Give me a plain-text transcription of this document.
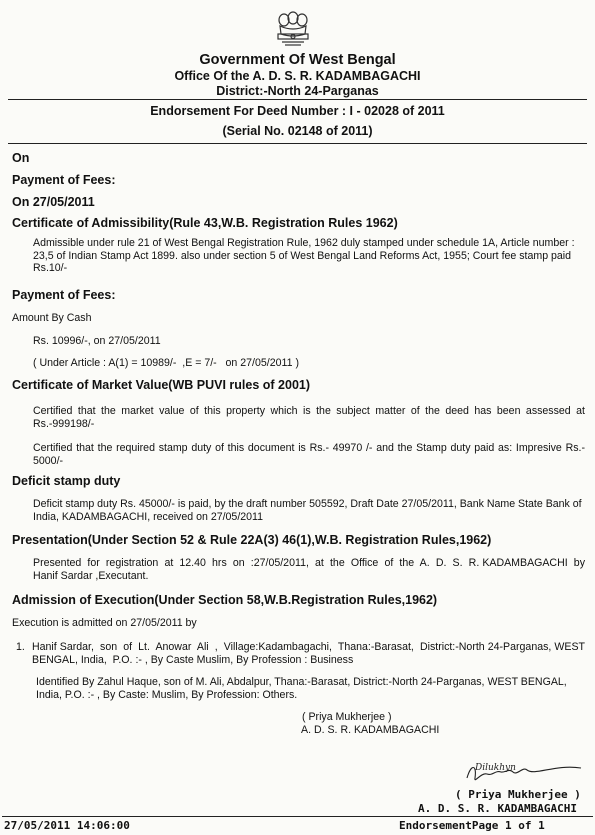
Government Of West Bengal
Office Of the A. D. S. R. KADAMBAGACHI
District:-North 24-Parganas
Endorsement For Deed Number : I - 02028 of 2011
(Serial No. 02148 of 2011)
On
Payment of Fees:
On 27/05/2011
Certificate of Admissibility(Rule 43,W.B. Registration Rules 1962)
Admissible under rule 21 of West Bengal Registration Rule, 1962 duly stamped under schedule 1A, Article number : 23,5 of Indian Stamp Act 1899. also under section 5 of West Bengal Land Reforms Act, 1955; Court fee stamp paid Rs.10/-
Payment of Fees:
Amount By Cash
Rs. 10996/-, on 27/05/2011
( Under Article : A(1) = 10989/-  ,E = 7/-   on 27/05/2011 )
Certificate of Market Value(WB PUVI rules of 2001)
Certified that the market value of this property which is the subject matter of the deed has been assessed at Rs.-999198/-
Certified that the required stamp duty of this document is Rs.- 49970 /- and the Stamp duty paid as: Impresive Rs.- 5000/-
Deficit stamp duty
Deficit stamp duty Rs. 45000/- is paid, by the draft number 505592, Draft Date 27/05/2011, Bank Name State Bank of India, KADAMBAGACHI, received on 27/05/2011
Presentation(Under Section 52 & Rule 22A(3) 46(1),W.B. Registration Rules,1962)
Presented  for  registration  at  12.40  hrs  on  :27/05/2011,  at  the  Office  of  the  A.  D.  S.  R. KADAMBAGACHI  by  Hanif Sardar ,Executant.
Admission of Execution(Under Section 58,W.B.Registration Rules,1962)
Execution is admitted on 27/05/2011 by
1. Hanif Sardar,  son  of  Lt.  Anowar  Ali  ,  Village:Kadambagachi,  Thana:-Barasat,  District:-North 24-Parganas, WEST BENGAL, India,  P.O. :- , By Caste Muslim, By Profession : Business
Identified By Zahul Haque, son of M. Ali, Abdalpur, Thana:-Barasat, District:-North 24-Parganas, WEST BENGAL, India, P.O. :- , By Caste: Muslim, By Profession: Others.
( Priya Mukherjee )
A. D. S. R. KADAMBAGACHI
Dilukhyn
( Priya Mukherjee )
A. D. S. R. KADAMBAGACHI
27/05/2011 14:06:00	EndorsementPage 1 of 1
